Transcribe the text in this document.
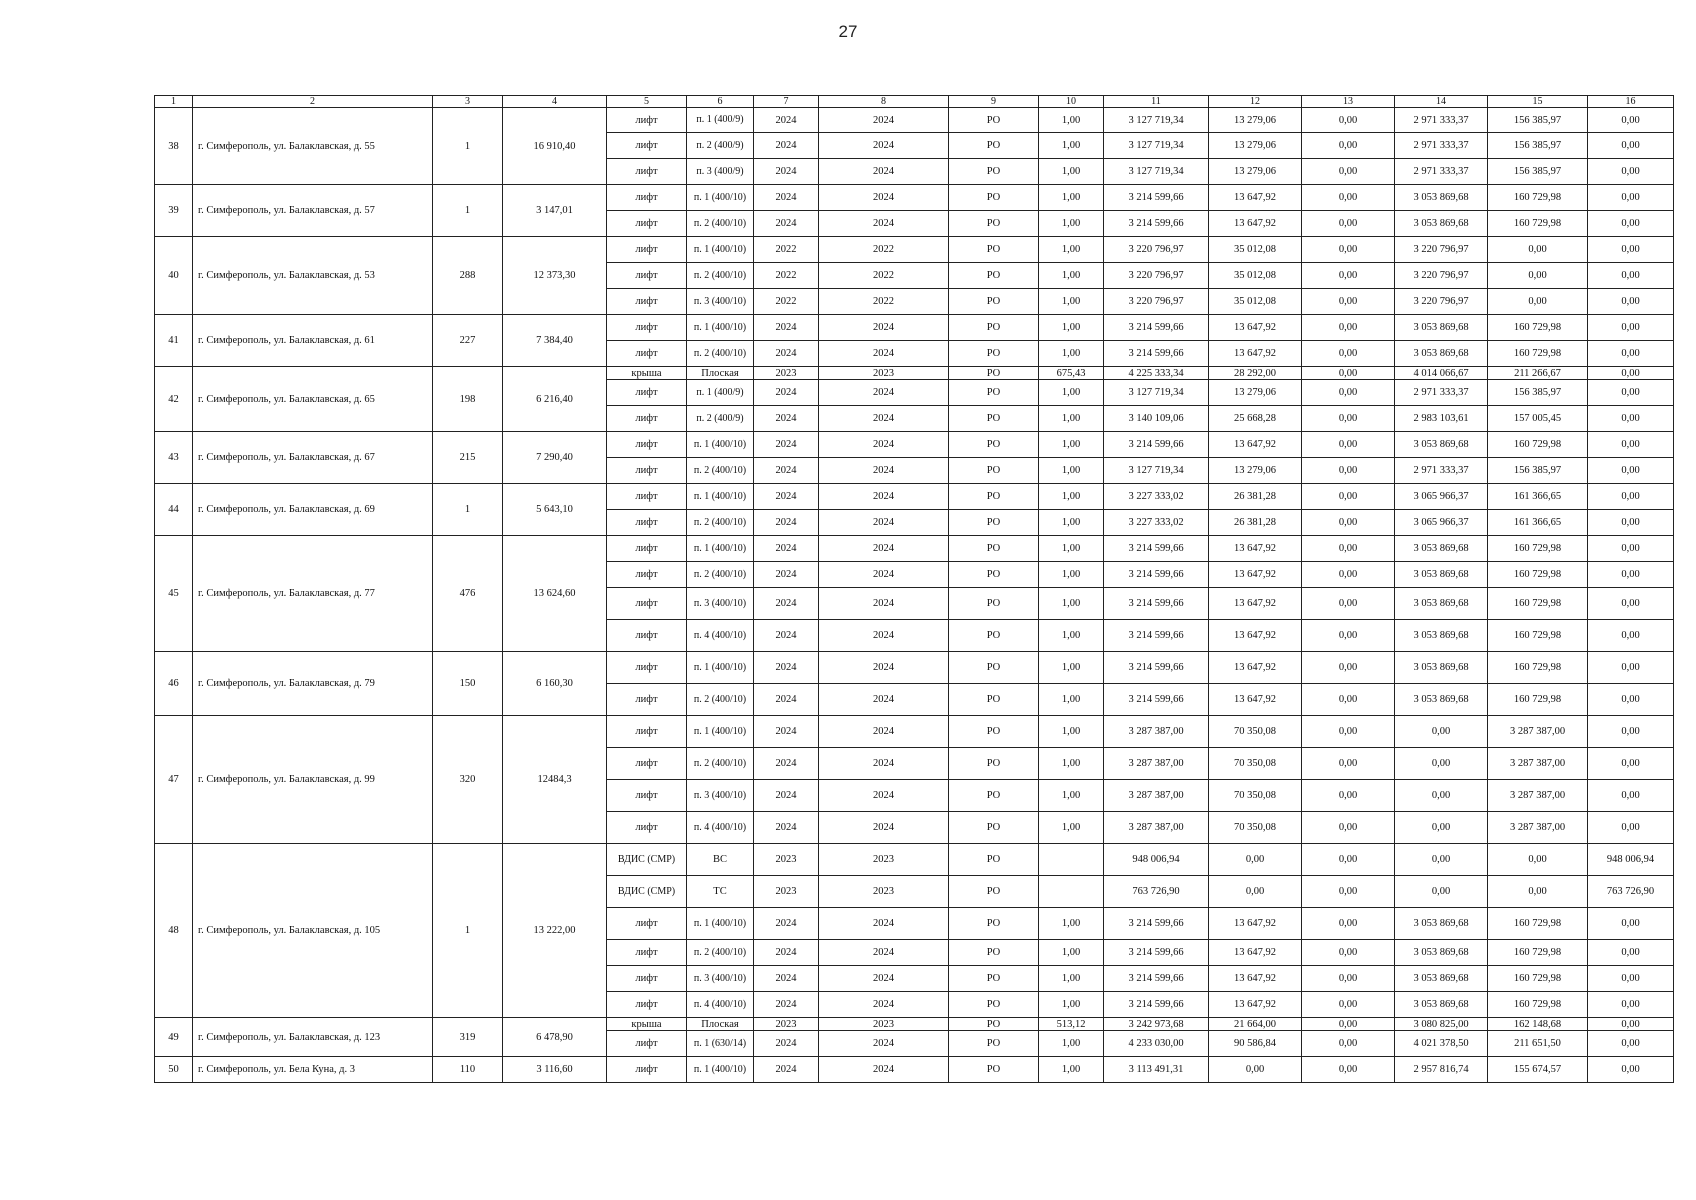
27
1	2	3	4	5	6	7	8	9	10	11	12	13	14	15	16
38	г. Симферополь, ул. Балаклавская, д. 55	1	16 910,40	лифт	п. 1 (400/9)	2024	2024	РО	1,00	3 127 719,34	13 279,06	0,00	2 971 333,37	156 385,97	0,00
				лифт	п. 2 (400/9)	2024	2024	РО	1,00	3 127 719,34	13 279,06	0,00	2 971 333,37	156 385,97	0,00
				лифт	п. 3 (400/9)	2024	2024	РО	1,00	3 127 719,34	13 279,06	0,00	2 971 333,37	156 385,97	0,00
39	г. Симферополь, ул. Балаклавская, д. 57	1	3 147,01	лифт	п. 1 (400/10)	2024	2024	РО	1,00	3 214 599,66	13 647,92	0,00	3 053 869,68	160 729,98	0,00
				лифт	п. 2 (400/10)	2024	2024	РО	1,00	3 214 599,66	13 647,92	0,00	3 053 869,68	160 729,98	0,00
40	г. Симферополь, ул. Балаклавская, д. 53	288	12 373,30	лифт	п. 1 (400/10)	2022	2022	РО	1,00	3 220 796,97	35 012,08	0,00	3 220 796,97	0,00	0,00
				лифт	п. 2 (400/10)	2022	2022	РО	1,00	3 220 796,97	35 012,08	0,00	3 220 796,97	0,00	0,00
				лифт	п. 3 (400/10)	2022	2022	РО	1,00	3 220 796,97	35 012,08	0,00	3 220 796,97	0,00	0,00
41	г. Симферополь, ул. Балаклавская, д. 61	227	7 384,40	лифт	п. 1 (400/10)	2024	2024	РО	1,00	3 214 599,66	13 647,92	0,00	3 053 869,68	160 729,98	0,00
				лифт	п. 2 (400/10)	2024	2024	РО	1,00	3 214 599,66	13 647,92	0,00	3 053 869,68	160 729,98	0,00
42	г. Симферополь, ул. Балаклавская, д. 65	198	6 216,40	крыша	Плоская	2023	2023	РО	675,43	4 225 333,34	28 292,00	0,00	4 014 066,67	211 266,67	0,00
				лифт	п. 1 (400/9)	2024	2024	РО	1,00	3 127 719,34	13 279,06	0,00	2 971 333,37	156 385,97	0,00
				лифт	п. 2 (400/9)	2024	2024	РО	1,00	3 140 109,06	25 668,28	0,00	2 983 103,61	157 005,45	0,00
43	г. Симферополь, ул. Балаклавская, д. 67	215	7 290,40	лифт	п. 1 (400/10)	2024	2024	РО	1,00	3 214 599,66	13 647,92	0,00	3 053 869,68	160 729,98	0,00
				лифт	п. 2 (400/10)	2024	2024	РО	1,00	3 127 719,34	13 279,06	0,00	2 971 333,37	156 385,97	0,00
44	г. Симферополь, ул. Балаклавская, д. 69	1	5 643,10	лифт	п. 1 (400/10)	2024	2024	РО	1,00	3 227 333,02	26 381,28	0,00	3 065 966,37	161 366,65	0,00
				лифт	п. 2 (400/10)	2024	2024	РО	1,00	3 227 333,02	26 381,28	0,00	3 065 966,37	161 366,65	0,00
45	г. Симферополь, ул. Балаклавская, д. 77	476	13 624,60	лифт	п. 1 (400/10)	2024	2024	РО	1,00	3 214 599,66	13 647,92	0,00	3 053 869,68	160 729,98	0,00
				лифт	п. 2 (400/10)	2024	2024	РО	1,00	3 214 599,66	13 647,92	0,00	3 053 869,68	160 729,98	0,00
				лифт	п. 3 (400/10)	2024	2024	РО	1,00	3 214 599,66	13 647,92	0,00	3 053 869,68	160 729,98	0,00
				лифт	п. 4 (400/10)	2024	2024	РО	1,00	3 214 599,66	13 647,92	0,00	3 053 869,68	160 729,98	0,00
46	г. Симферополь, ул. Балаклавская, д. 79	150	6 160,30	лифт	п. 1 (400/10)	2024	2024	РО	1,00	3 214 599,66	13 647,92	0,00	3 053 869,68	160 729,98	0,00
				лифт	п. 2 (400/10)	2024	2024	РО	1,00	3 214 599,66	13 647,92	0,00	3 053 869,68	160 729,98	0,00
47	г. Симферополь, ул. Балаклавская, д. 99	320	12484,3	лифт	п. 1 (400/10)	2024	2024	РО	1,00	3 287 387,00	70 350,08	0,00	0,00	3 287 387,00	0,00
				лифт	п. 2 (400/10)	2024	2024	РО	1,00	3 287 387,00	70 350,08	0,00	0,00	3 287 387,00	0,00
				лифт	п. 3 (400/10)	2024	2024	РО	1,00	3 287 387,00	70 350,08	0,00	0,00	3 287 387,00	0,00
				лифт	п. 4 (400/10)	2024	2024	РО	1,00	3 287 387,00	70 350,08	0,00	0,00	3 287 387,00	0,00
48	г. Симферополь, ул. Балаклавская, д. 105	1	13 222,00	ВДИС (СМР)	ВС	2023	2023	РО		948 006,94	0,00	0,00	0,00	0,00	948 006,94
				ВДИС (СМР)	ТС	2023	2023	РО		763 726,90	0,00	0,00	0,00	0,00	763 726,90
				лифт	п. 1 (400/10)	2024	2024	РО	1,00	3 214 599,66	13 647,92	0,00	3 053 869,68	160 729,98	0,00
				лифт	п. 2 (400/10)	2024	2024	РО	1,00	3 214 599,66	13 647,92	0,00	3 053 869,68	160 729,98	0,00
				лифт	п. 3 (400/10)	2024	2024	РО	1,00	3 214 599,66	13 647,92	0,00	3 053 869,68	160 729,98	0,00
				лифт	п. 4 (400/10)	2024	2024	РО	1,00	3 214 599,66	13 647,92	0,00	3 053 869,68	160 729,98	0,00
49	г. Симферополь, ул. Балаклавская, д. 123	319	6 478,90	крыша	Плоская	2023	2023	РО	513,12	3 242 973,68	21 664,00	0,00	3 080 825,00	162 148,68	0,00
				лифт	п. 1 (630/14)	2024	2024	РО	1,00	4 233 030,00	90 586,84	0,00	4 021 378,50	211 651,50	0,00
50	г. Симферополь, ул. Бела Куна, д. 3	110	3 116,60	лифт	п. 1 (400/10)	2024	2024	РО	1,00	3 113 491,31	0,00	0,00	2 957 816,74	155 674,57	0,00
